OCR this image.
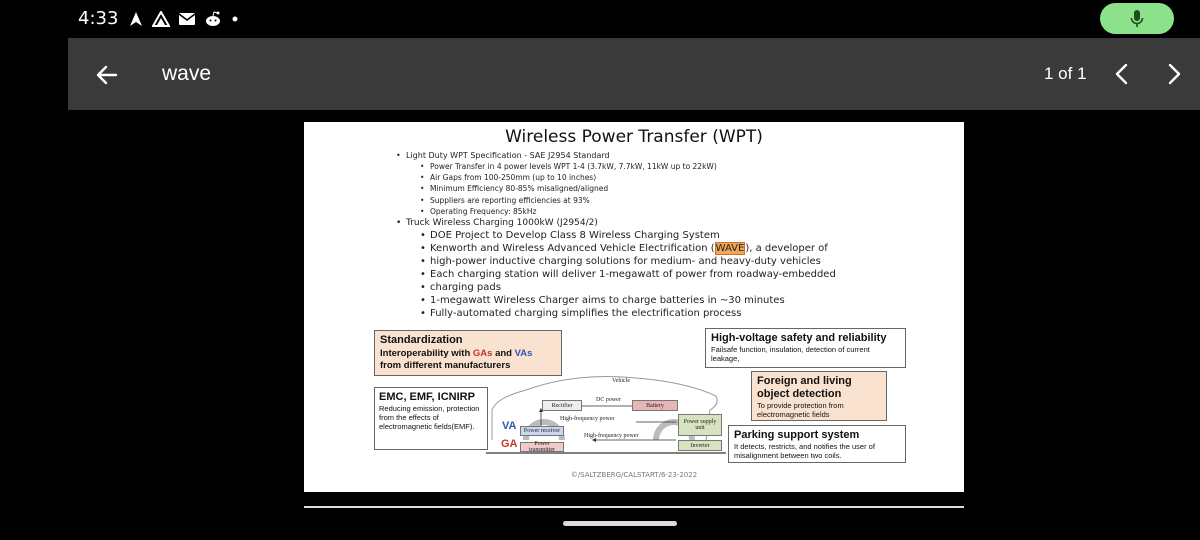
4:33
wave
1 of 1
Wireless Power Transfer (WPT)
• Light Duty WPT Specification - SAE J2954 Standard
• Power Transfer in 4 power levels WPT 1-4 (3.7kW, 7.7kW, 11kW up to 22kW)
• Air Gaps from 100-250mm (up to 10 inches)
• Minimum Efficiency 80-85% misaligned/aligned
• Suppliers are reporting efficiencies at 93%
• Operating Frequency: 85kHz
• Truck Wireless Charging 1000kW (J2954/2)
• DOE Project to Develop Class 8 Wireless Charging System
• Kenworth and Wireless Advanced Vehicle Electrification (WAVE), a developer of
• high-power inductive charging solutions for medium- and heavy-duty vehicles
• Each charging station will deliver 1-megawatt of power from roadway-embedded
• charging pads
• 1-megawatt Wireless Charger aims to charge batteries in ~30 minutes
• Fully-automated charging simplifies the electrification process
Standardization
Interoperability with GAs and VAs
from different manufacturers
EMC, EMF, ICNIRP
Reducing emission, protection from the effects of electromagnetic fields(EMF).
High-voltage safety and reliability
Failsafe function, insulation, detection of current leakage,
Foreign and living object detection
To provide protection from electromagnetic fields
Parking support system
It detects, restricts, and notifies the user of misalignment between two coils.
Vehicle
DC power
Rectifier	Battery
High-frequency power	Power supply unit
High-frequency power
Inverter
VA	Power receiver
GA	Power transmitter
©/SALTZBERG/CALSTART/6-23-2022
